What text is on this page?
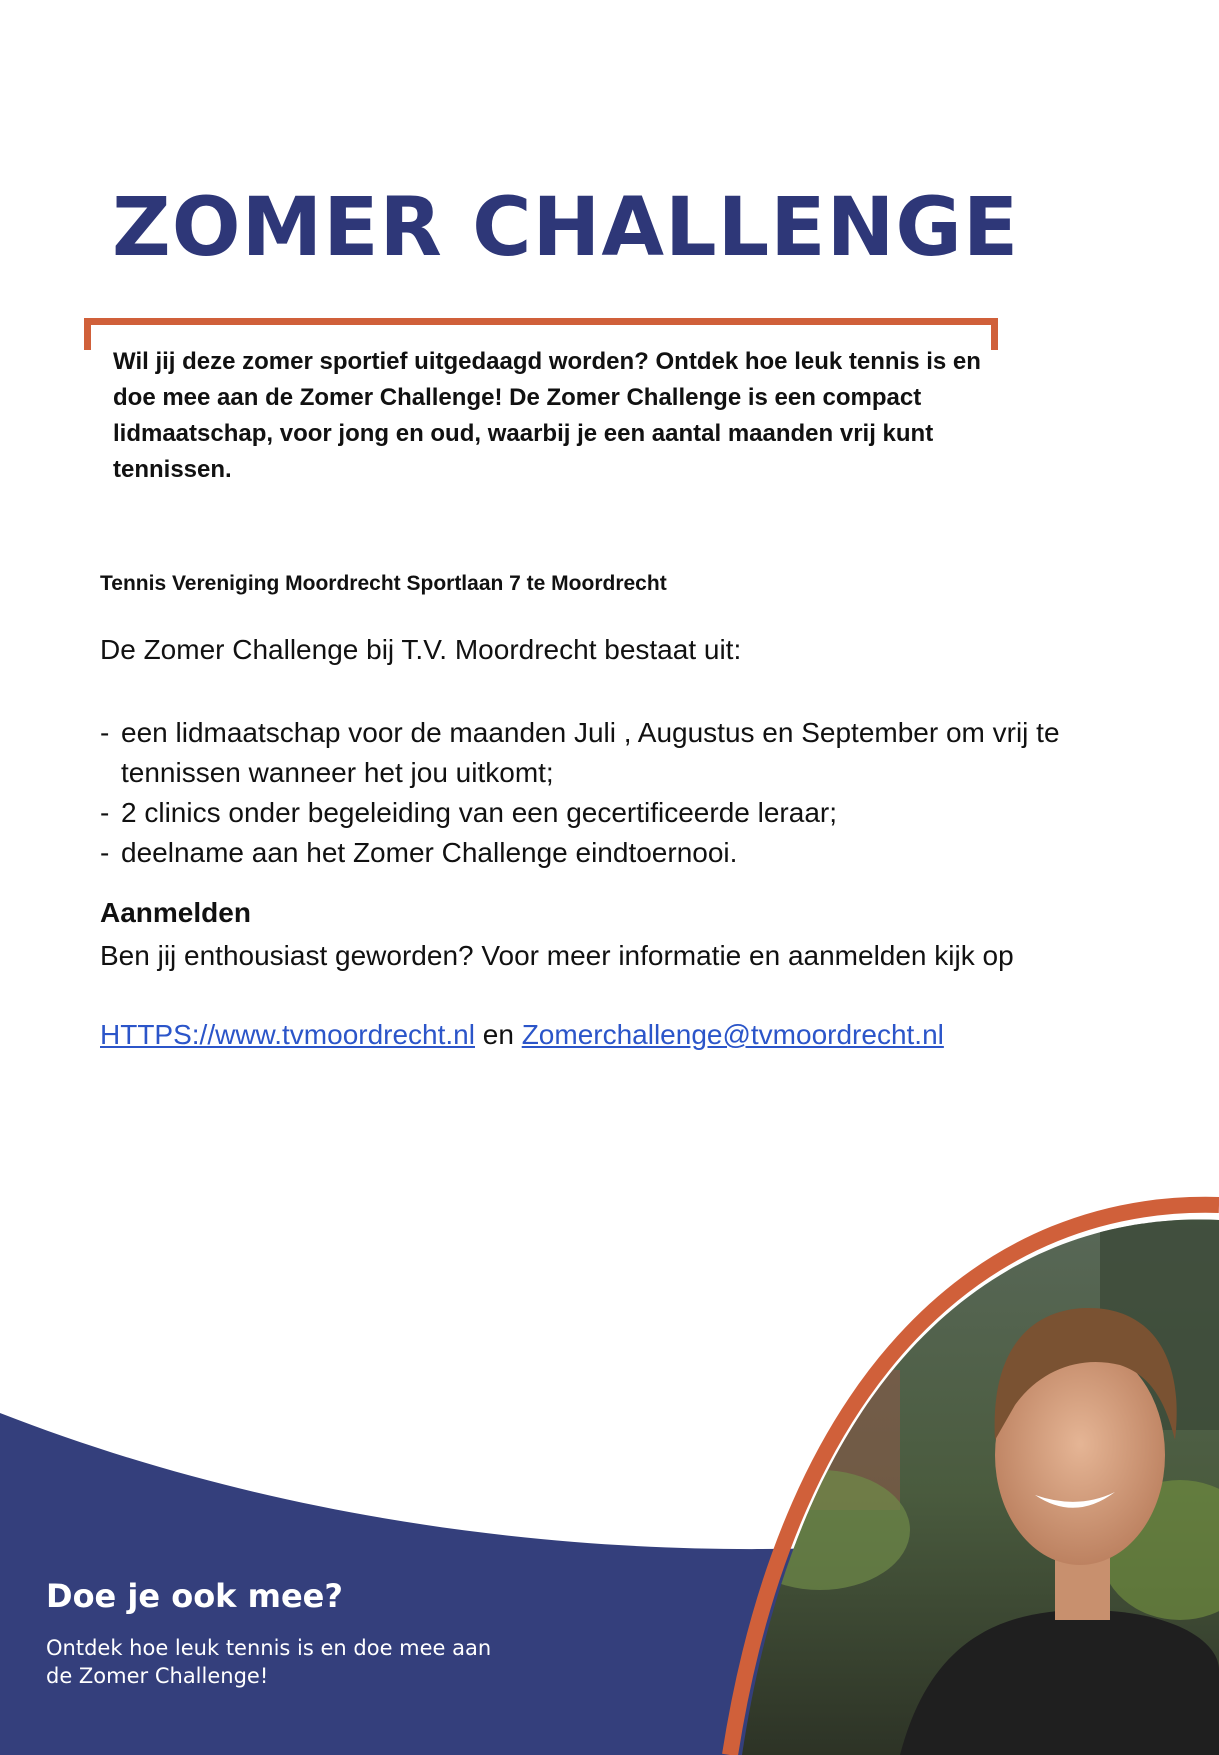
ZOMER CHALLENGE

Wil jij deze zomer sportief uitgedaagd worden? Ontdek hoe leuk tennis is en doe mee aan de Zomer Challenge! De Zomer Challenge is een compact lidmaatschap, voor jong en oud, waarbij je een aantal maanden vrij kunt tennissen.

Tennis Vereniging Moordrecht Sportlaan 7 te Moordrecht

De Zomer Challenge bij T.V. Moordrecht bestaat uit:

- een lidmaatschap voor de maanden Juli , Augustus en September om vrij te tennissen wanneer het jou uitkomt;
- 2 clinics onder begeleiding van een gecertificeerde leraar;
- deelname aan het Zomer Challenge eindtoernooi.
Aanmelden

Ben jij enthousiast geworden? Voor meer informatie en aanmelden kijk op

HTTPS://www.tvmoordrecht.nl en Zomerchallenge@tvmoordrecht.nl

Doe je ook mee?

Ontdek hoe leuk tennis is en doe mee aan de Zomer Challenge!
